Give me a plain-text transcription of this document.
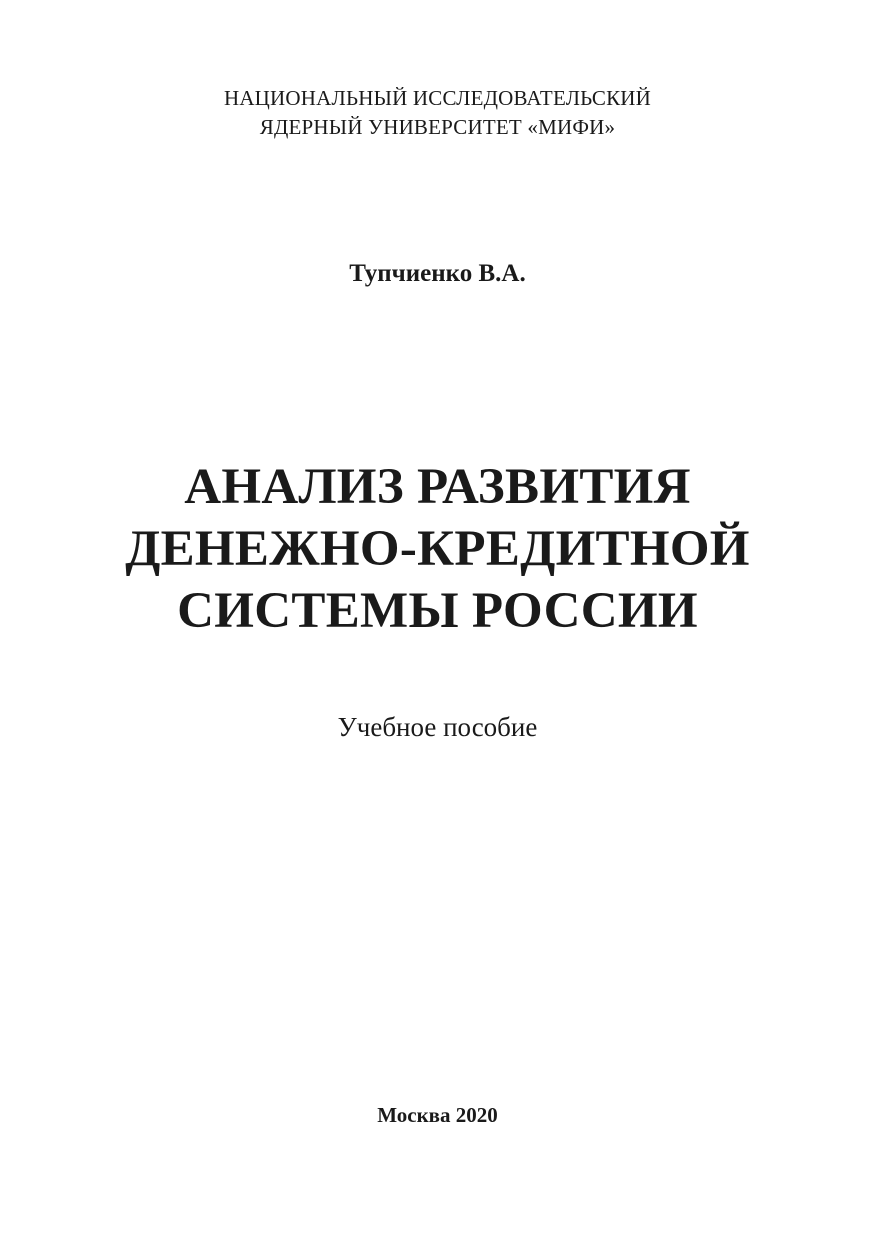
НАЦИОНАЛЬНЫЙ ИССЛЕДОВАТЕЛЬСКИЙ
ЯДЕРНЫЙ УНИВЕРСИТЕТ «МИФИ»
Тупчиенко В.А.
АНАЛИЗ РАЗВИТИЯ
ДЕНЕЖНО-КРЕДИТНОЙ
СИСТЕМЫ РОССИИ
Учебное пособие
Москва 2020
